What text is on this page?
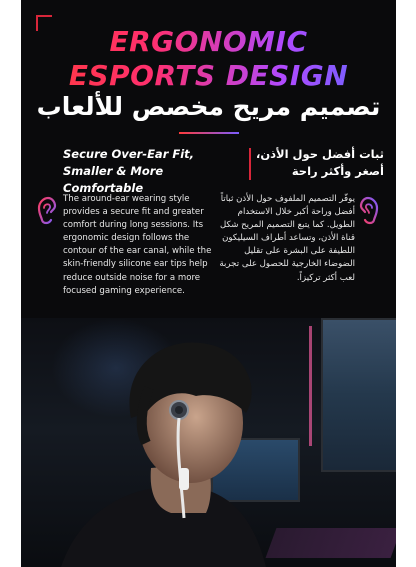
ERGONOMIC
ESPORTS DESIGN
تصميم مريح مخصص للألعاب
Secure Over-Ear Fit,
Smaller & More Comfortable
ثبات أفضل حول الأذن،
أصغر وأكثر راحة
The around-ear wearing style provides a secure fit and greater comfort during long sessions. Its ergonomic design follows the contour of the ear canal, while the skin-friendly silicone ear tips help reduce outside noise for a more focused gaming experience.
يوفّر التصميم الملفوف حول الأذن ثباتاً أفضل وراحة أكبر خلال الاستخدام الطويل. كما يتبع التصميم المريح شكل قناة الأذن، وتساعد أطراف السيليكون اللطيفة على البشرة على تقليل الضوضاء الخارجية للحصول على تجربة لعب أكثر تركيزاً.
